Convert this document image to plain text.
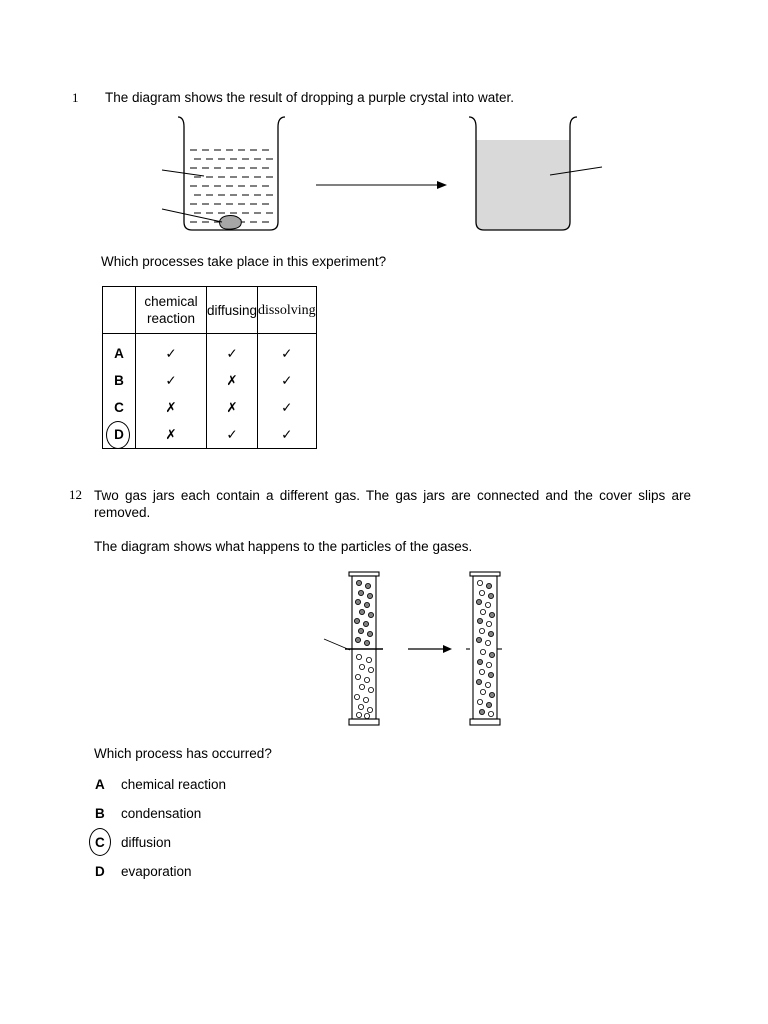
1 The diagram shows the result of dropping a purple crystal into water.
Which processes take place in this experiment?

	chemical reaction	diffusing	dissolving
A	✓	✓	✓
B	✓	✗	✓
C	✗	✗	✓
D	✗	✓	✓
12 Two gas jars each contain a different gas. The gas jars are connected and the cover slips are removed.
The diagram shows what happens to the particles of the gases.
Which process has occurred?
A chemical reaction
B condensation
C diffusion
D evaporation
